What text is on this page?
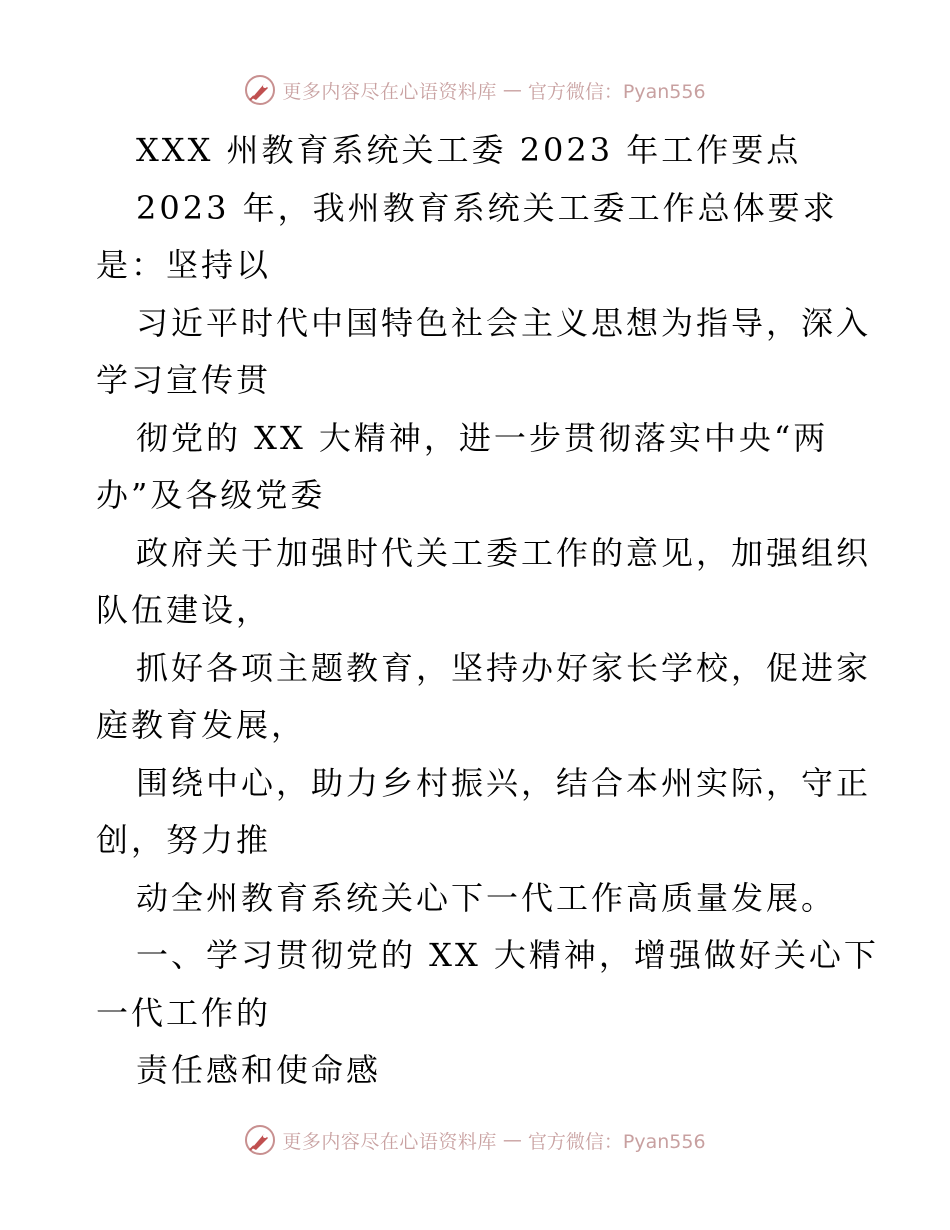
更多内容尽在心语资料库 — 官方微信：Pyan556
XXX 州教育系统关工委 2023 年工作要点
2023 年，我州教育系统关工委工作总体要求
是：坚持以
习近平时代中国特色社会主义思想为指导，深入
学习宣传贯
彻党的 XX 大精神，进一步贯彻落实中央“两
办”及各级党委
政府关于加强时代关工委工作的意见，加强组织
队伍建设，
抓好各项主题教育，坚持办好家长学校，促进家
庭教育发展，
围绕中心，助力乡村振兴，结合本州实际，守正
创，努力推
动全州教育系统关心下一代工作高质量发展。
一、学习贯彻党的 XX 大精神，增强做好关心下
一代工作的
责任感和使命感
更多内容尽在心语资料库 — 官方微信：Pyan556
